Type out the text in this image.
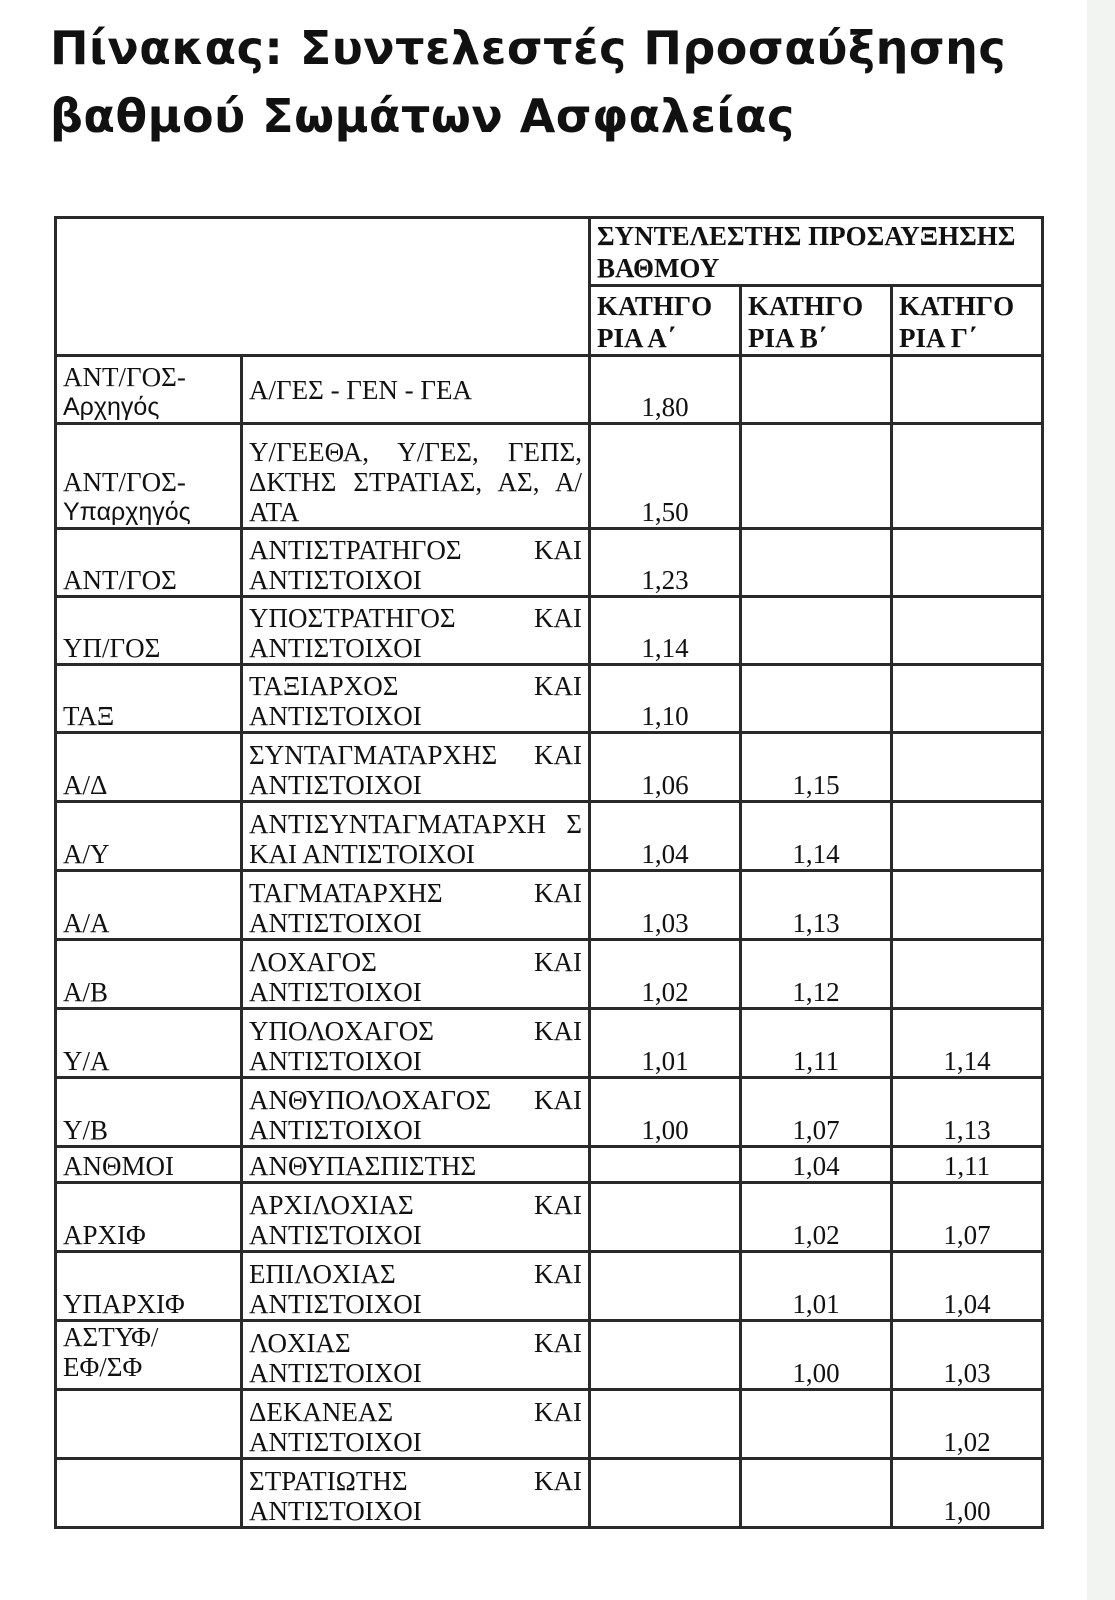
Πίνακας: Συντελεστές Προσαύξησης βαθμού Σωμάτων Ασφαλείας
		ΣΥΝΤΕΛΕΣΤΗΣ ΠΡΟΣΑΥΞΗΣΗΣ ΒΑΘΜΟΥ		
		ΚΑΤΗΓΟ ΡΙΑ Α΄	ΚΑΤΗΓΟ ΡΙΑ Β΄	ΚΑΤΗΓΟ ΡΙΑ Γ΄

ΑΝΤ/ΓΟΣ-
Αρχηγός	Α/ΓΕΣ - ΓΕΝ - ΓΕΑ	1,80		

ΑΝΤ/ΓΟΣ-
Υπαρχηγός	Υ/ΓΕΕΘΑ, Υ/ΓΕΣ, ΓΕΠΣ, ΔΚΤΗΣ ΣΤΡΑΤΙΑΣ, ΑΣ, Α/ΑΤΑ	1,50		
ΑΝΤ/ΓΟΣ	ΑΝΤΙΣΤΡΑΤΗΓΟΣ ΚΑΙ ΑΝΤΙΣΤΟΙΧΟΙ	1,23		
ΥΠ/ΓΟΣ	ΥΠΟΣΤΡΑΤΗΓΟΣ ΚΑΙ ΑΝΤΙΣΤΟΙΧΟΙ	1,14		
ΤΑΞ	ΤΑΞΙΑΡΧΟΣ ΚΑΙ ΑΝΤΙΣΤΟΙΧΟΙ	1,10		
Α/Δ	ΣΥΝΤΑΓΜΑΤΑΡΧΗΣ ΚΑΙ ΑΝΤΙΣΤΟΙΧΟΙ	1,06	1,15	
Α/Υ	ΑΝΤΙΣΥΝΤΑΓΜΑΤΑΡΧΗ Σ ΚΑΙ ΑΝΤΙΣΤΟΙΧΟΙ	1,04	1,14	
Α/Α	ΤΑΓΜΑΤΑΡΧΗΣ ΚΑΙ ΑΝΤΙΣΤΟΙΧΟΙ	1,03	1,13	
Α/Β	ΛΟΧΑΓΟΣ ΚΑΙ ΑΝΤΙΣΤΟΙΧΟΙ	1,02	1,12	
Υ/Α	ΥΠΟΛΟΧΑΓΟΣ ΚΑΙ ΑΝΤΙΣΤΟΙΧΟΙ	1,01	1,11	1,14
Υ/Β	ΑΝΘΥΠΟΛΟΧΑΓΟΣ ΚΑΙ ΑΝΤΙΣΤΟΙΧΟΙ	1,00	1,07	1,13
ΑΝΘΜΟΙ	ΑΝΘΥΠΑΣΠΙΣΤΗΣ		1,04	1,11
ΑΡΧΙΦ	ΑΡΧΙΛΟΧΙΑΣ ΚΑΙ ΑΝΤΙΣΤΟΙΧΟΙ		1,02	1,07
ΥΠΑΡΧΙΦ	ΕΠΙΛΟΧΙΑΣ ΚΑΙ ΑΝΤΙΣΤΟΙΧΟΙ		1,01	1,04

ΑΣΤΥΦ/
ΕΦ/ΣΦ	ΛΟΧΙΑΣ ΚΑΙ ΑΝΤΙΣΤΟΙΧΟΙ		1,00	1,03
	ΔΕΚΑΝΕΑΣ ΚΑΙ ΑΝΤΙΣΤΟΙΧΟΙ			1,02
	ΣΤΡΑΤΙΩΤΗΣ ΚΑΙ ΑΝΤΙΣΤΟΙΧΟΙ			1,00
